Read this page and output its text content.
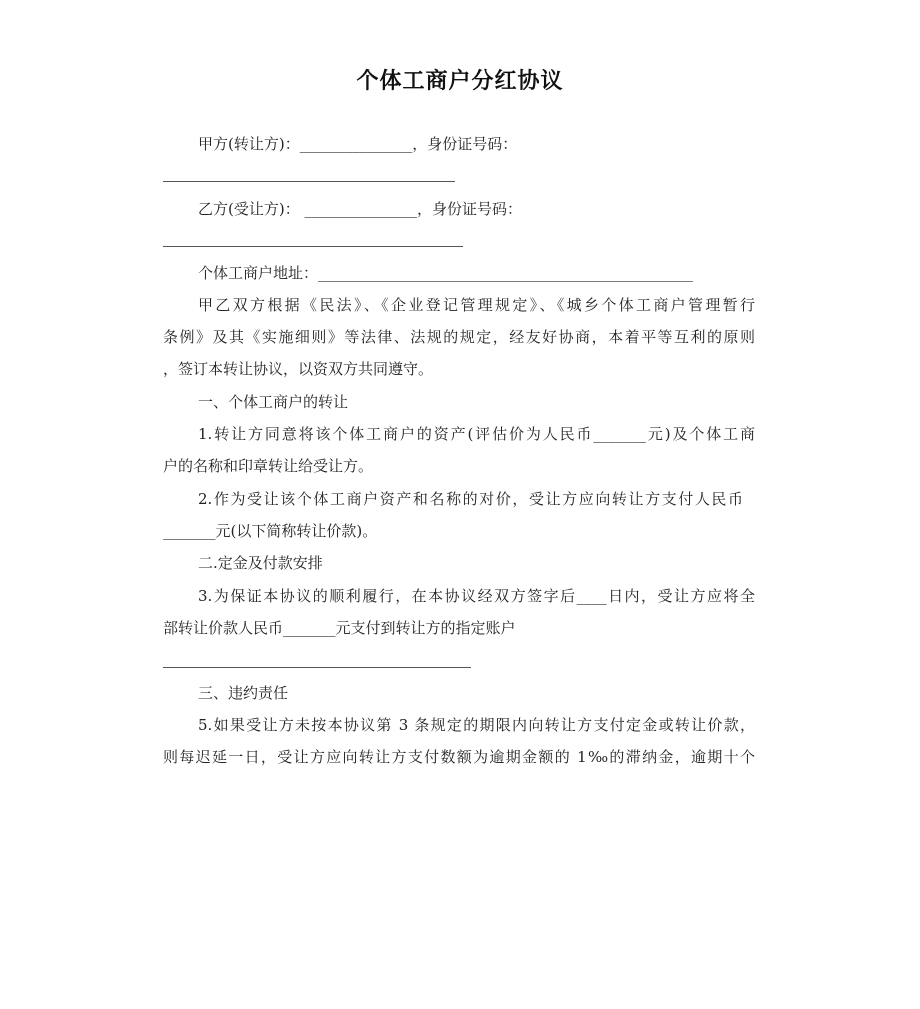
个体工商户分红协议
甲方(转让方)：_______________，身份证号码：
乙方(受让方)： _______________，身份证号码：
个体工商户地址：__________________________________________________
甲乙双方根据《民法》、《企业登记管理规定》、《城乡个体工商户管理暂行
条例》及其《实施细则》等法律、法规的规定，经友好协商，本着平等互利的原则
，签订本转让协议，以资双方共同遵守。
一、个体工商户的转让
1.转让方同意将该个体工商户的资产(评估价为人民币_______元)及个体工商
户的名称和印章转让给受让方。
2.作为受让该个体工商户资产和名称的对价，受让方应向转让方支付人民币
_______元(以下简称转让价款)。
二.定金及付款安排
3.为保证本协议的顺利履行，在本协议经双方签字后____日内，受让方应将全
部转让价款人民币_______元支付到转让方的指定账户
三、违约责任
5.如果受让方未按本协议第 3 条规定的期限内向转让方支付定金或转让价款，
则每迟延一日，受让方应向转让方支付数额为逾期金额的 1‰的滞纳金，逾期十个
